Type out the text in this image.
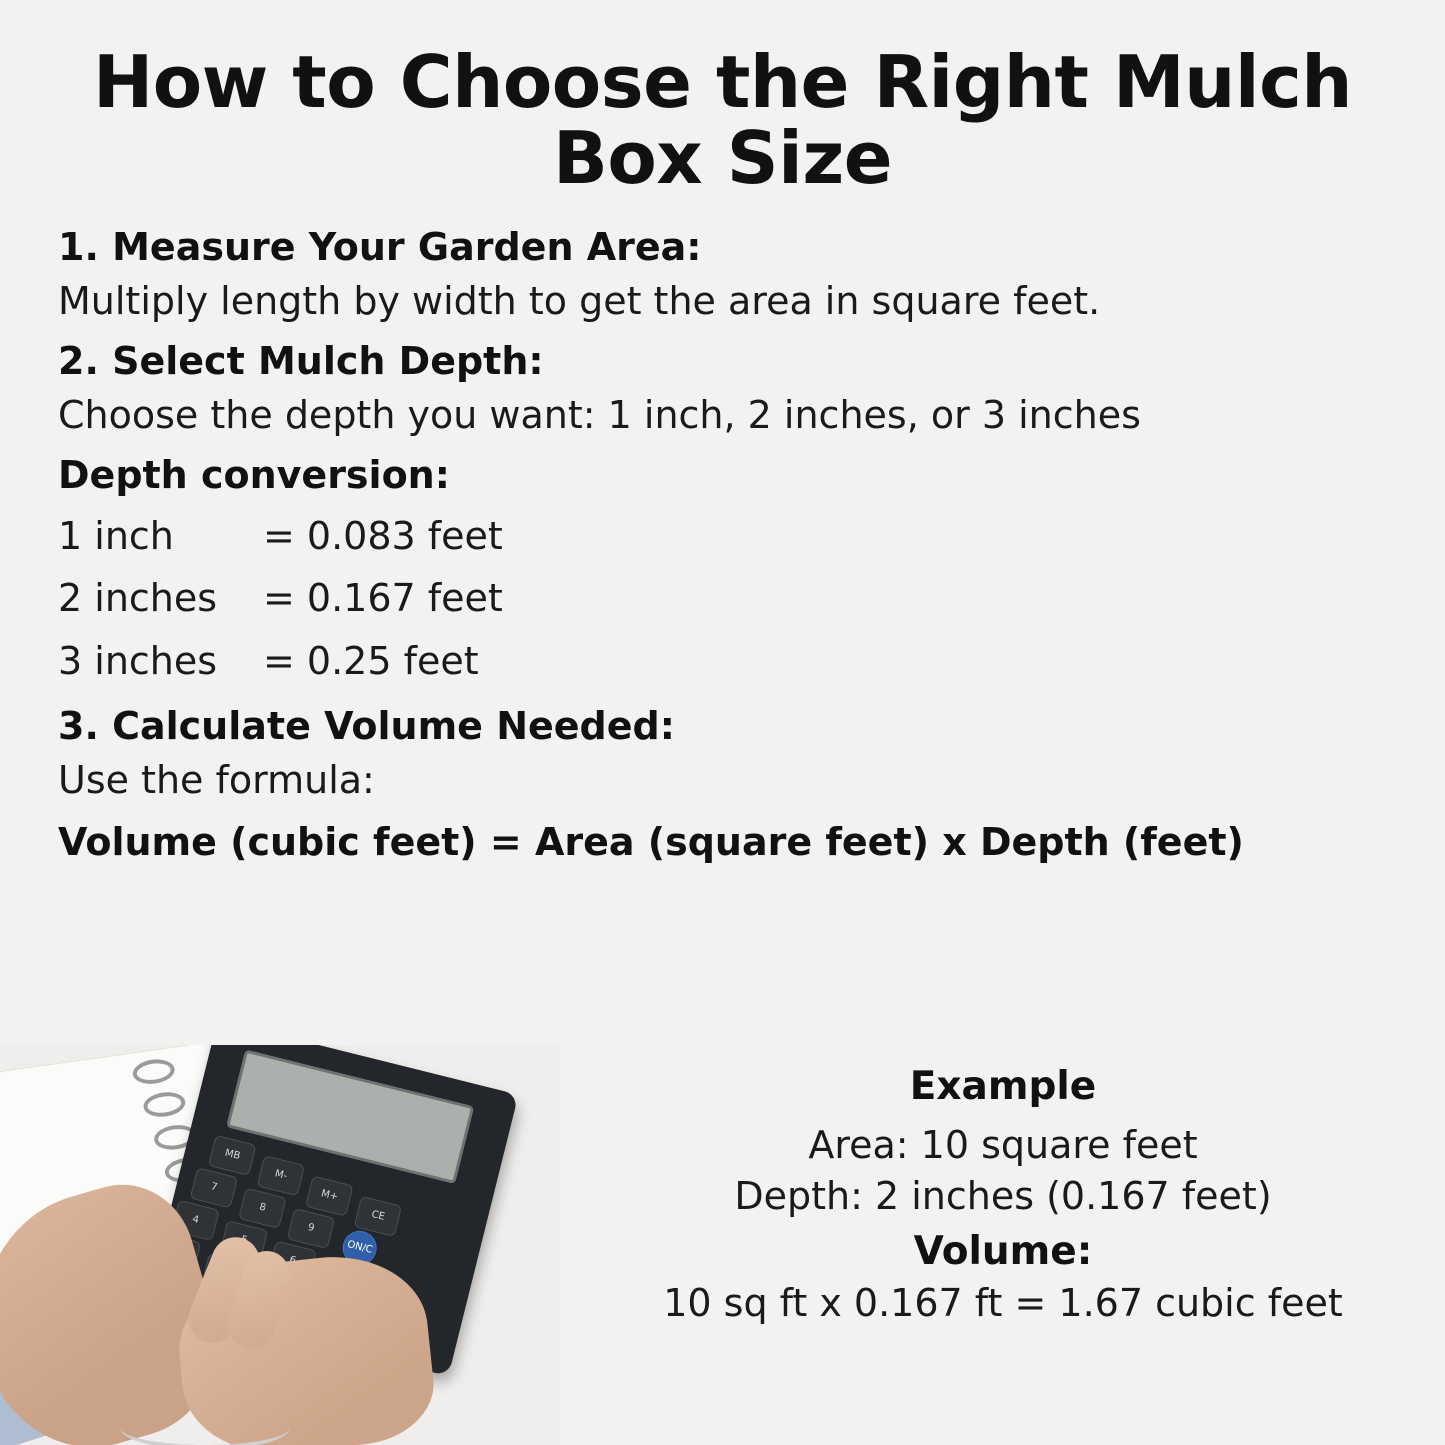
How to Choose the Right Mulch Box Size
1. Measure Your Garden Area:
Multiply length by width to get the area in square feet.
2. Select Mulch Depth:
Choose the depth you want: 1 inch, 2 inches, or 3 inches
Depth conversion:
1 inch	= 0.083 feet
2 inches	= 0.167 feet
3 inches	= 0.25 feet
3. Calculate Volume Needed:
Use the formula:
Volume (cubic feet) = Area (square feet) x Depth (feet)
MB
M-
M+
CE
7
8
9
ON/C
4
Example
Area: 10 square feet
Depth: 2 inches (0.167 feet)
Volume:
10 sq ft x 0.167 ft = 1.67 cubic feet
